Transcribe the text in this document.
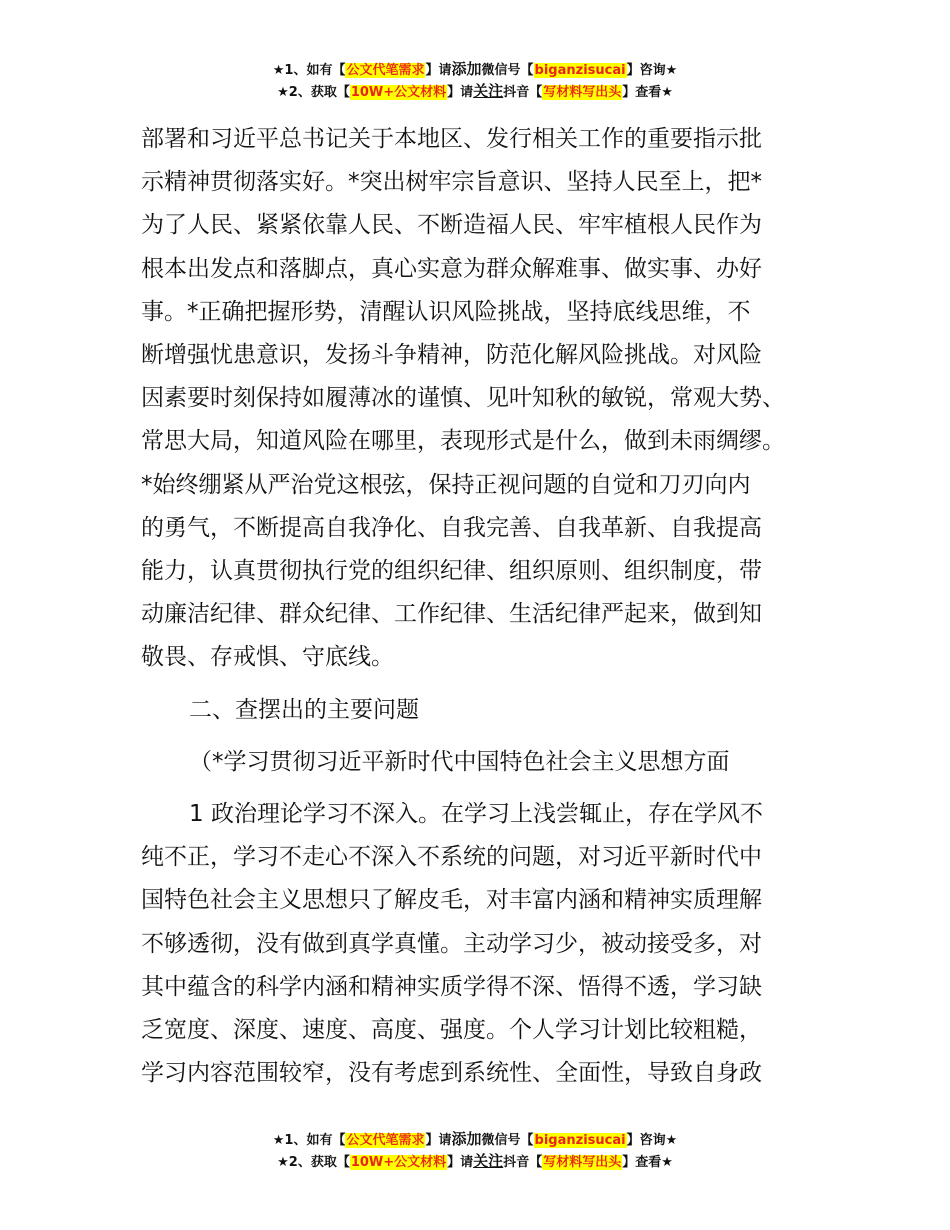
★1、如有【公文代笔需求】请添加微信号【biganzisucai】咨询★
★2、获取【10W+公文材料】请关注抖音【写材料写出头】查看★

部署和习近平总书记关于本地区、发行相关工作的重要指示批

示精神贯彻落实好。*突出树牢宗旨意识、坚持人民至上，把*

为了人民、紧紧依靠人民、不断造福人民、牢牢植根人民作为

根本出发点和落脚点，真心实意为群众解难事、做实事、办好

事。*正确把握形势，清醒认识风险挑战，坚持底线思维，不

断增强忧患意识，发扬斗争精神，防范化解风险挑战。对风险

因素要时刻保持如履薄冰的谨慎、见叶知秋的敏锐，常观大势、

常思大局，知道风险在哪里，表现形式是什么，做到未雨绸缪。

*始终绷紧从严治党这根弦，保持正视问题的自觉和刀刃向内

的勇气，不断提高自我净化、自我完善、自我革新、自我提高

能力，认真贯彻执行党的组织纪律、组织原则、组织制度，带

动廉洁纪律、群众纪律、工作纪律、生活纪律严起来，做到知

敬畏、存戒惧、守底线。

二、查摆出的主要问题

（*学习贯彻习近平新时代中国特色社会主义思想方面

1 政治理论学习不深入。在学习上浅尝辄止，存在学风不

纯不正，学习不走心不深入不系统的问题，对习近平新时代中

国特色社会主义思想只了解皮毛，对丰富内涵和精神实质理解

不够透彻，没有做到真学真懂。主动学习少，被动接受多，对

其中蕴含的科学内涵和精神实质学得不深、悟得不透，学习缺

乏宽度、深度、速度、高度、强度。个人学习计划比较粗糙，

学习内容范围较窄，没有考虑到系统性、全面性，导致自身政

★1、如有【公文代笔需求】请添加微信号【biganzisucai】咨询★
★2、获取【10W+公文材料】请关注抖音【写材料写出头】查看★
